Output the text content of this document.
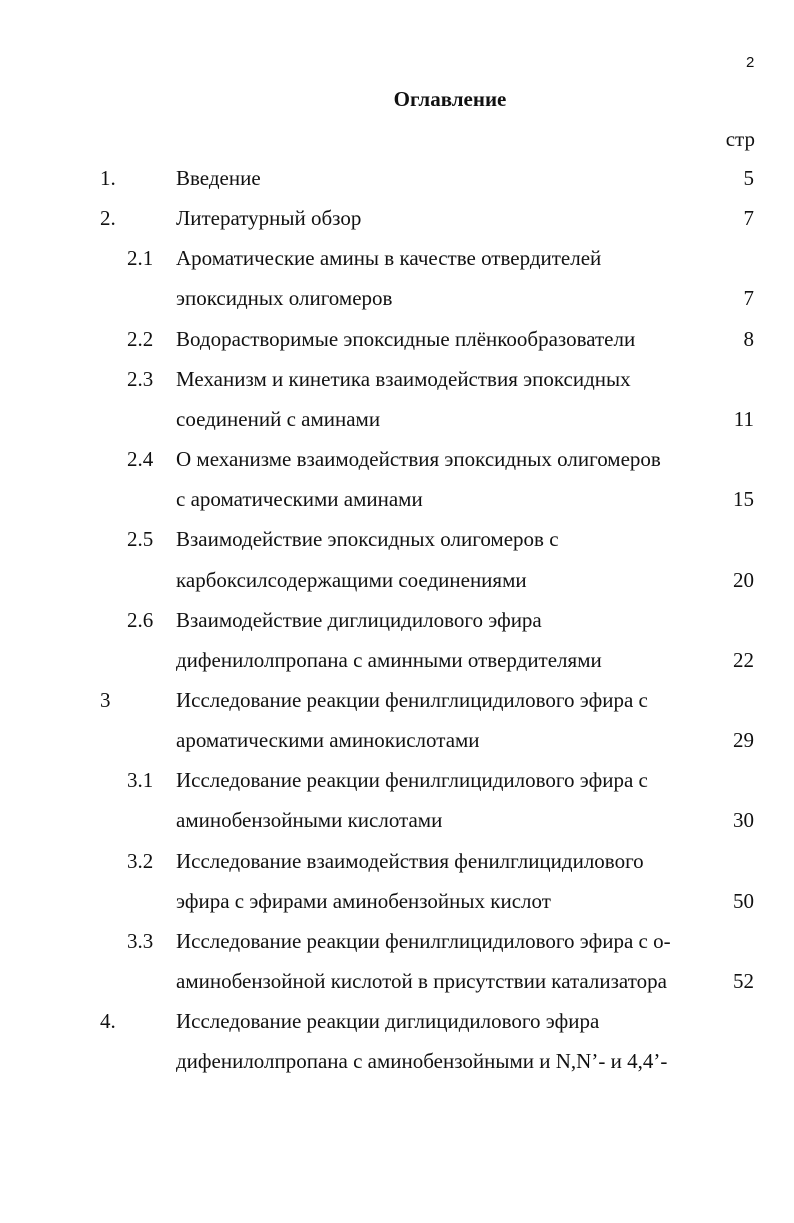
2
Оглавление
стр
1.	Введение	5
2.	Литературный обзор	7
2.1 Ароматические амины в качестве отвердителей
эпоксидных олигомеров	7
2.2 Водорастворимые эпоксидные плёнкообразователи	8
2.3 Механизм и кинетика взаимодействия эпоксидных
соединений с аминами	11
2.4 О механизме взаимодействия эпоксидных олигомеров
с ароматическими аминами	15
2.5 Взаимодействие эпоксидных олигомеров с
карбоксилсодержащими соединениями	20
2.6 Взаимодействие диглицидилового эфира
дифенилолпропана с аминными отвердителями	22
3	Исследование реакции фенилглицидилового эфира с
ароматическими аминокислотами	29
3.1 Исследование реакции фенилглицидилового эфира с
аминобензойными кислотами	30
3.2 Исследование взаимодействия фенилглицидилового
эфира с эфирами аминобензойных кислот	50
3.3 Исследование реакции фенилглицидилового эфира с о-
аминобензойной кислотой в присутствии катализатора	52
4.	Исследование реакции диглицидилового эфира
дифенилолпропана с аминобензойными и N,N’- и 4,4’-
